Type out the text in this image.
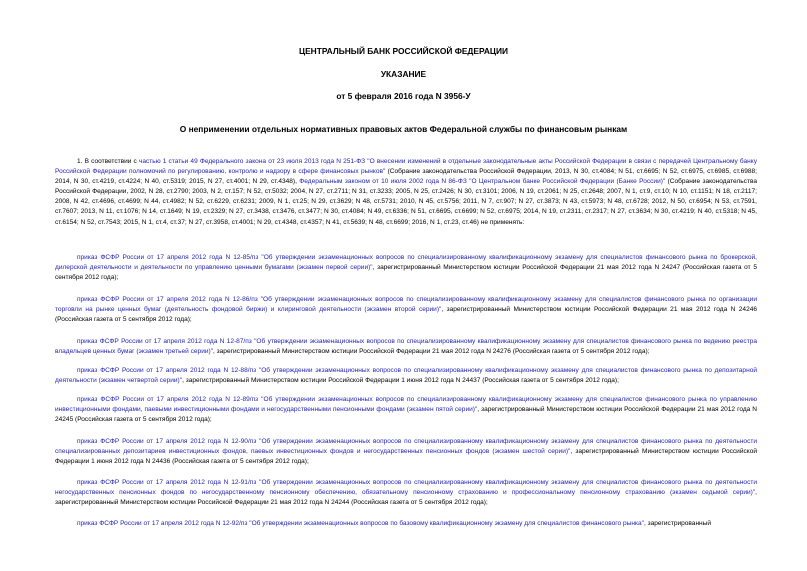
ЦЕНТРАЛЬНЫЙ БАНК РОССИЙСКОЙ ФЕДЕРАЦИИ
УКАЗАНИЕ
от 5 февраля 2016 года N 3956-У
О неприменении отдельных нормативных правовых актов Федеральной службы по финансовым рынкам

1. В соответствии с частью 1 статьи 49 Федерального закона от 23 июля 2013 года N 251-ФЗ "О внесении изменений в отдельные законодательные акты Российской Федерации в связи с передачей Центральному банку Российской Федерации полномочий по регулированию, контролю и надзору в сфере финансовых рынков" (Собрание законодательства Российской Федерации, 2013, N 30, ст.4084; N 51, ст.6695; N 52, ст.6975, ст.6985, ст.6988; 2014, N 30, ст.4219, ст.4224; N 40, ст.5319; 2015, N 27, ст.4001; N 29, ст.4348), Федеральным законом от 10 июля 2002 года N 86-ФЗ "О Центральном банке Российской Федерации (Банке России)" (Собрание законодательства Российской Федерации, 2002, N 28, ст.2790; 2003, N 2, ст.157; N 52, ст.5032; 2004, N 27, ст.2711; N 31, ст.3233; 2005, N 25, ст.2426; N 30, ст.3101; 2006, N 19, ст.2061; N 25, ст.2648; 2007, N 1, ст.9, ст.10; N 10, ст.1151; N 18, ст.2117; 2008, N 42, ст.4696, ст.4699; N 44, ст.4982; N 52, ст.6229, ст.6231; 2009, N 1, ст.25; N 29, ст.3629; N 48, ст.5731; 2010, N 45, ст.5756; 2011, N 7, ст.907; N 27, ст.3873; N 43, ст.5973; N 48, ст.6728; 2012, N 50, ст.6954; N 53, ст.7591, ст.7607; 2013, N 11, ст.1076; N 14, ст.1649; N 19, ст.2329; N 27, ст.3438, ст.3476, ст.3477; N 30, ст.4084; N 49, ст.6336; N 51, ст.6695, ст.6699; N 52, ст.6975; 2014, N 19, ст.2311, ст.2317; N 27, ст.3634; N 30, ст.4219; N 40, ст.5318; N 45, ст.6154; N 52, ст.7543; 2015, N 1, ст.4, ст.37; N 27, ст.3958, ст.4001; N 29, ст.4348, ст.4357; N 41, ст.5639; N 48, ст.6699; 2016, N 1, ст.23, ст.46) не применять:

приказ ФСФР России от 17 апреля 2012 года N 12-85/пз "Об утверждении экзаменационных вопросов по специализированному квалификационному экзамену для специалистов финансового рынка по брокерской, дилерской деятельности и деятельности по управлению ценными бумагами (экзамен первой серии)", зарегистрированный Министерством юстиции Российской Федерации 21 мая 2012 года N 24247 (Российская газета от 5 сентября 2012 года);

приказ ФСФР России от 17 апреля 2012 года N 12-86/пз "Об утверждении экзаменационных вопросов по специализированному квалификационному экзамену для специалистов финансового рынка по организации торговли на рынке ценных бумаг (деятельность фондовой биржи) и клиринговой деятельности (экзамен второй серии)", зарегистрированный Министерством юстиции Российской Федерации 21 мая 2012 года N 24246 (Российская газета от 5 сентября 2012 года);

приказ ФСФР России от 17 апреля 2012 года N 12-87/пз "Об утверждении экзаменационных вопросов по специализированному квалификационному экзамену для специалистов финансового рынка по ведению реестра владельцев ценных бумаг (экзамен третьей серии)", зарегистрированный Министерством юстиции Российской Федерации 21 мая 2012 года N 24276 (Российская газета от 5 сентября 2012 года);

приказ ФСФР России от 17 апреля 2012 года N 12-88/пз "Об утверждении экзаменационных вопросов по специализированному квалификационному экзамену для специалистов финансового рынка по депозитарной деятельности (экзамен четвертой серии)", зарегистрированный Министерством юстиции Российской Федерации 1 июня 2012 года N 24437 (Российская газета от 5 сентября 2012 года);

приказ ФСФР России от 17 апреля 2012 года N 12-89/пз "Об утверждении экзаменационных вопросов по специализированному квалификационному экзамену для специалистов финансового рынка по управлению инвестиционными фондами, паевыми инвестиционными фондами и негосударственными пенсионными фондами (экзамен пятой серии)", зарегистрированный Министерством юстиции Российской Федерации 21 мая 2012 года N 24245 (Российская газета от 5 сентября 2012 года);

приказ ФСФР России от 17 апреля 2012 года N 12-90/пз "Об утверждении экзаменационных вопросов по специализированному квалификационному экзамену для специалистов финансового рынка по деятельности специализированных депозитариев инвестиционных фондов, паевых инвестиционных фондов и негосударственных пенсионных фондов (экзамен шестой серии)", зарегистрированный Министерством юстиции Российской Федерации 1 июня 2012 года N 24436 (Российская газета от 5 сентября 2012 года);

приказ ФСФР России от 17 апреля 2012 года N 12-91/пз "Об утверждении экзаменационных вопросов по специализированному квалификационному экзамену для специалистов финансового рынка по деятельности негосударственных пенсионных фондов по негосударственному пенсионному обеспечению, обязательному пенсионному страхованию и профессиональному пенсионному страхованию (экзамен седьмой серии)", зарегистрированный Министерством юстиции Российской Федерации 21 мая 2012 года N 24244 (Российская газета от 5 сентября 2012 года);

приказ ФСФР России от 17 апреля 2012 года N 12-92/пз "Об утверждении экзаменационных вопросов по базовому квалификационному экзамену для специалистов финансового рынка", зарегистрированный
